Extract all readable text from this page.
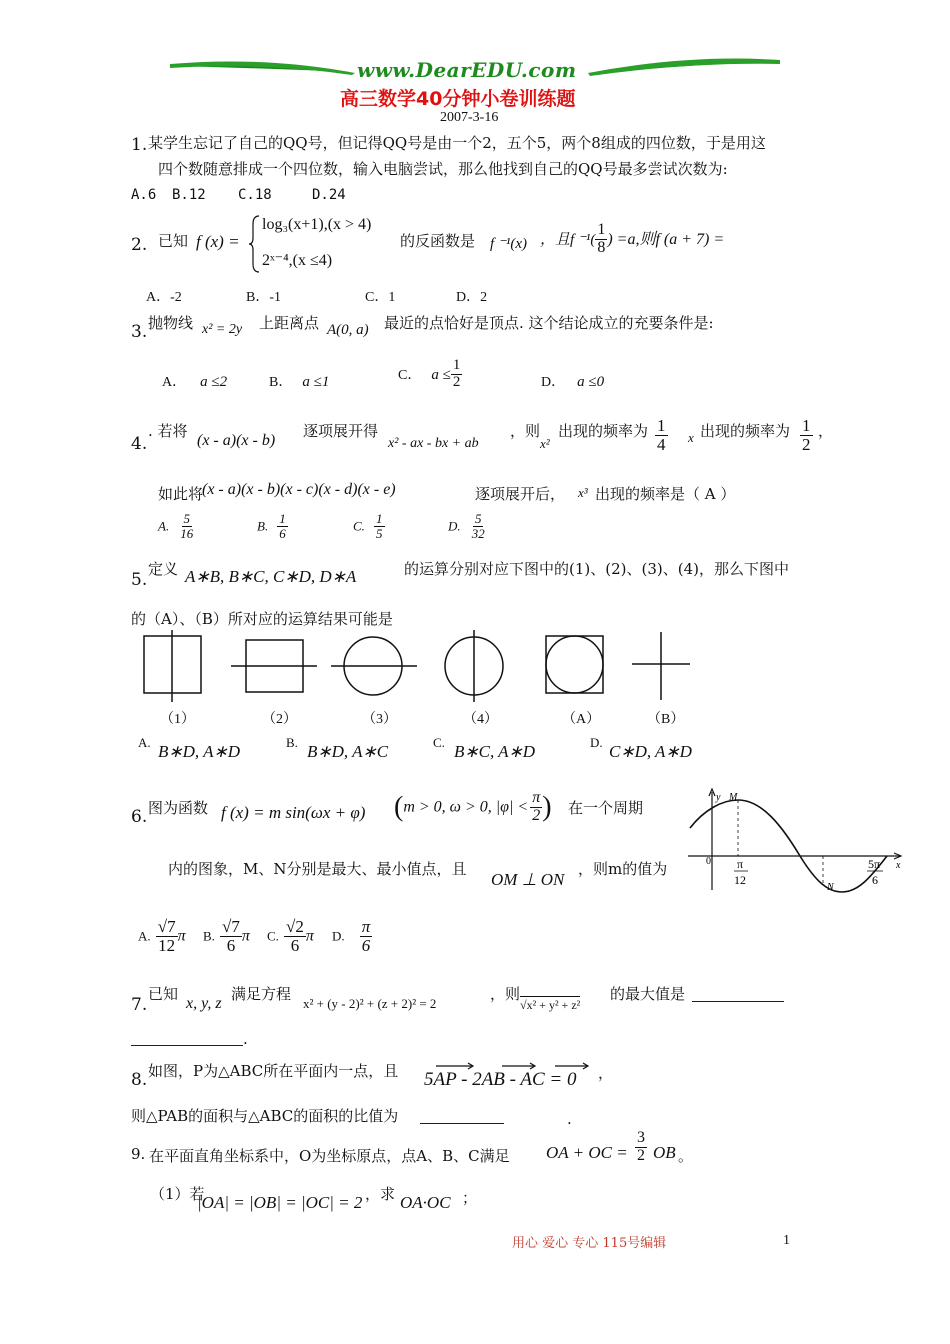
www.DearEDU.com
高三数学40分钟小卷训练题
2007-3-16
1. 某学生忘记了自己的QQ号，但记得QQ号是由一个2，五个5，两个8组成的四位数，于是用这
四个数随意排成一个四位数，输入电脑尝试，那么他找到自己的QQ号最多尝试次数为:
A.6 B.12 C.18	D.24
2. 已知 f (x) =
log₃(x+1),(x > 4)
2ˣ⁻⁴,(x ≤4)
的反函数是 f ⁻¹(x) ，且f $^{-1}( \frac{1}{8}$ ) =a,则f (a + 7) =
A．-2	B．-1	C．1	D．2
3. 抛物线 x² = 2y 上距离点 A(0, a) 最近的点恰好是顶点. 这个结论成立的充要条件是:
A． a ≤2	B． a ≤1	C． $a \le \frac{1}{2}$	D． a ≤0
4.
. 若将
(x - a)(x - b)
逐项展开得
x² - ax - bx + ab
，则
x²
出现的频率为 $\frac{1}{4}$ x 出现的频率为 $\frac{1}{2}$ ，
如此将
(x - a)(x - b)(x - c)(x - d)(x - e)	逐项展开后， x³ 出现的频率是（ A ）
A. $\frac{5}{16}$	B. $\frac{1}{6}$	C. $\frac{1}{5}$	D. $\frac{5}{32}$
5.
定义 A∗B, B∗C, C∗D, D∗A	的运算分别对应下图中的(1)、(2)、(3)、(4)，那么下图中
的（A）、（B）所对应的运算结果可能是
（1）	（2）	（3）	（4）	（A）	（B）
A. B∗D, A∗D	B. B∗D, A∗C	C. B∗C, A∗D	D. C∗D, A∗D
6. 图为函数 f (x) = m sin(ωx + φ) (m > 0, ω > 0, $|\varphi| < \frac{\pi}{2}$ ) 在一个周期
内的图象，M、N分别是最大、最小值点，且
OM ⊥ ON
，则m的值为
y
x
0
M
N
π
12
5π
6
A. $\frac{√7}{12}$ π B. $\frac{√7}{6}$ π C. $\frac{√2}{6}$ π D. $\frac{\pi}{6}$
7.
已知
x, y, z
满足方程
x² + (y - 2)² + (z + 2)² = 2
，则
√x² + y² + z²
的最大值是
.
8. 如图，P为△ABC所在平面内一点，且 5AP - 2AB - AC = 0 ，
则△PAB的面积与△ABC的面积的比值为	.
9. 在平面直角坐标系中，O为坐标原点，点A、B、C满足 OA + OC = $\frac{3}{2}$ OB 。
（1）若
|OA| = |OB| = |OC| = 2 ，求 OA·OC ；
用心 爱心 专心 115号编辑	1
